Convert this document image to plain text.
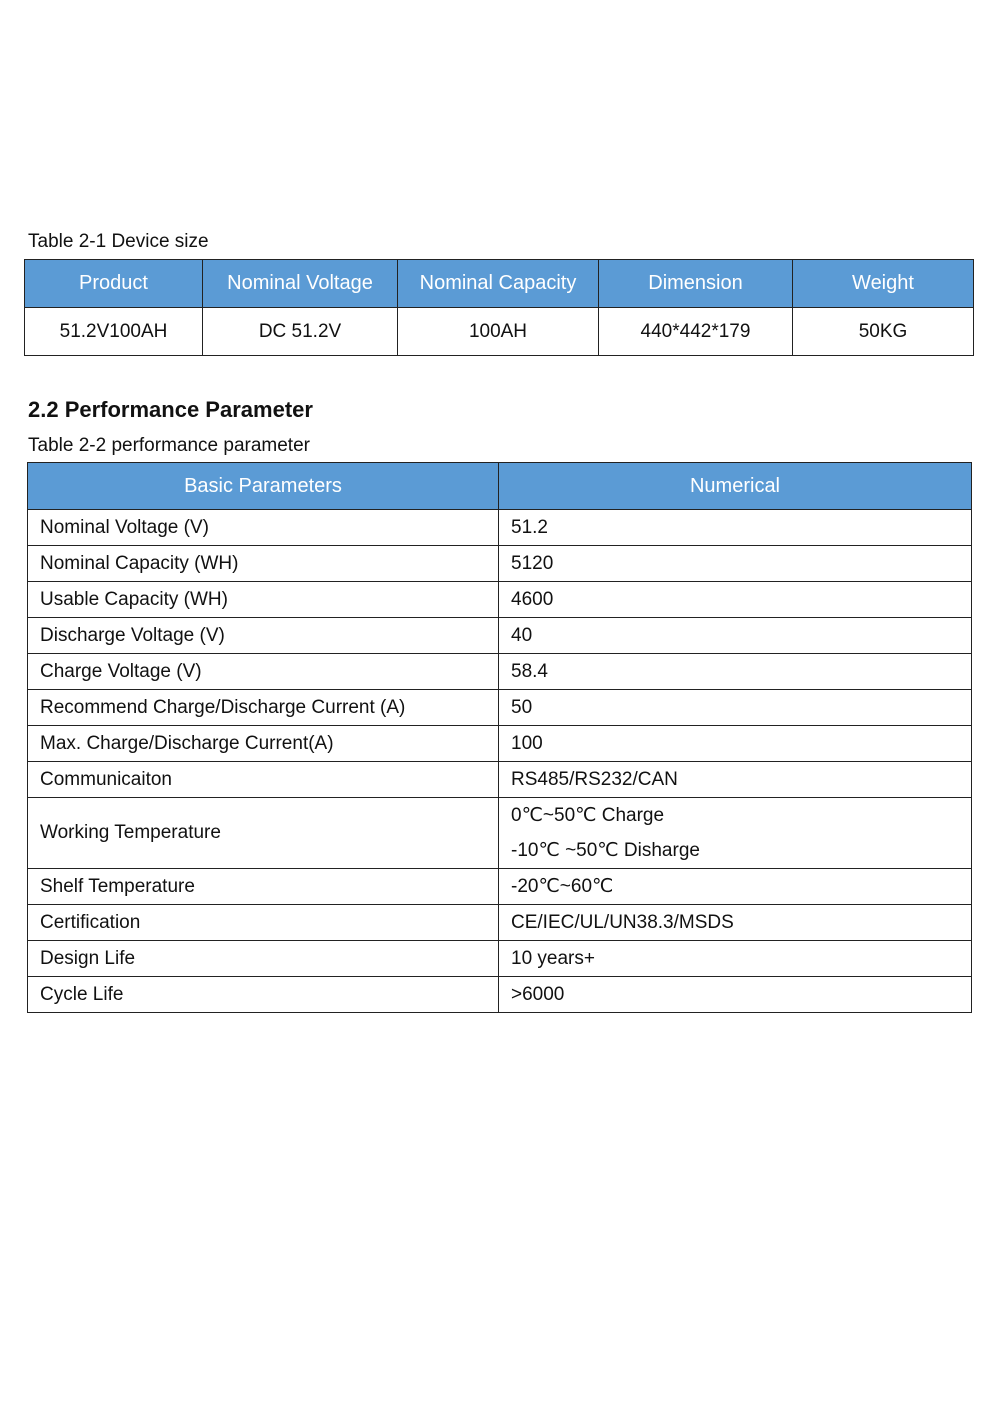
Table 2-1 Device size
Product	Nominal Voltage	Nominal Capacity	Dimension	Weight
51.2V100AH	DC 51.2V	100AH	440*442*179	50KG
2.2 Performance Parameter
Table 2-2 performance parameter
Basic Parameters	Numerical
Nominal Voltage (V)	51.2
Nominal Capacity (WH)	5120
Usable Capacity (WH)	4600
Discharge Voltage (V)	40
Charge Voltage (V)	58.4
Recommend Charge/Discharge Current (A)	50
Max. Charge/Discharge Current(A)	100
Communicaiton	RS485/RS232/CAN
Working Temperature	0℃~50℃ Charge
-10℃ ~50℃ Disharge

Shelf Temperature	-20℃~60℃
Certification	CE/IEC/UL/UN38.3/MSDS
Design Life	10 years+
Cycle Life	>6000
